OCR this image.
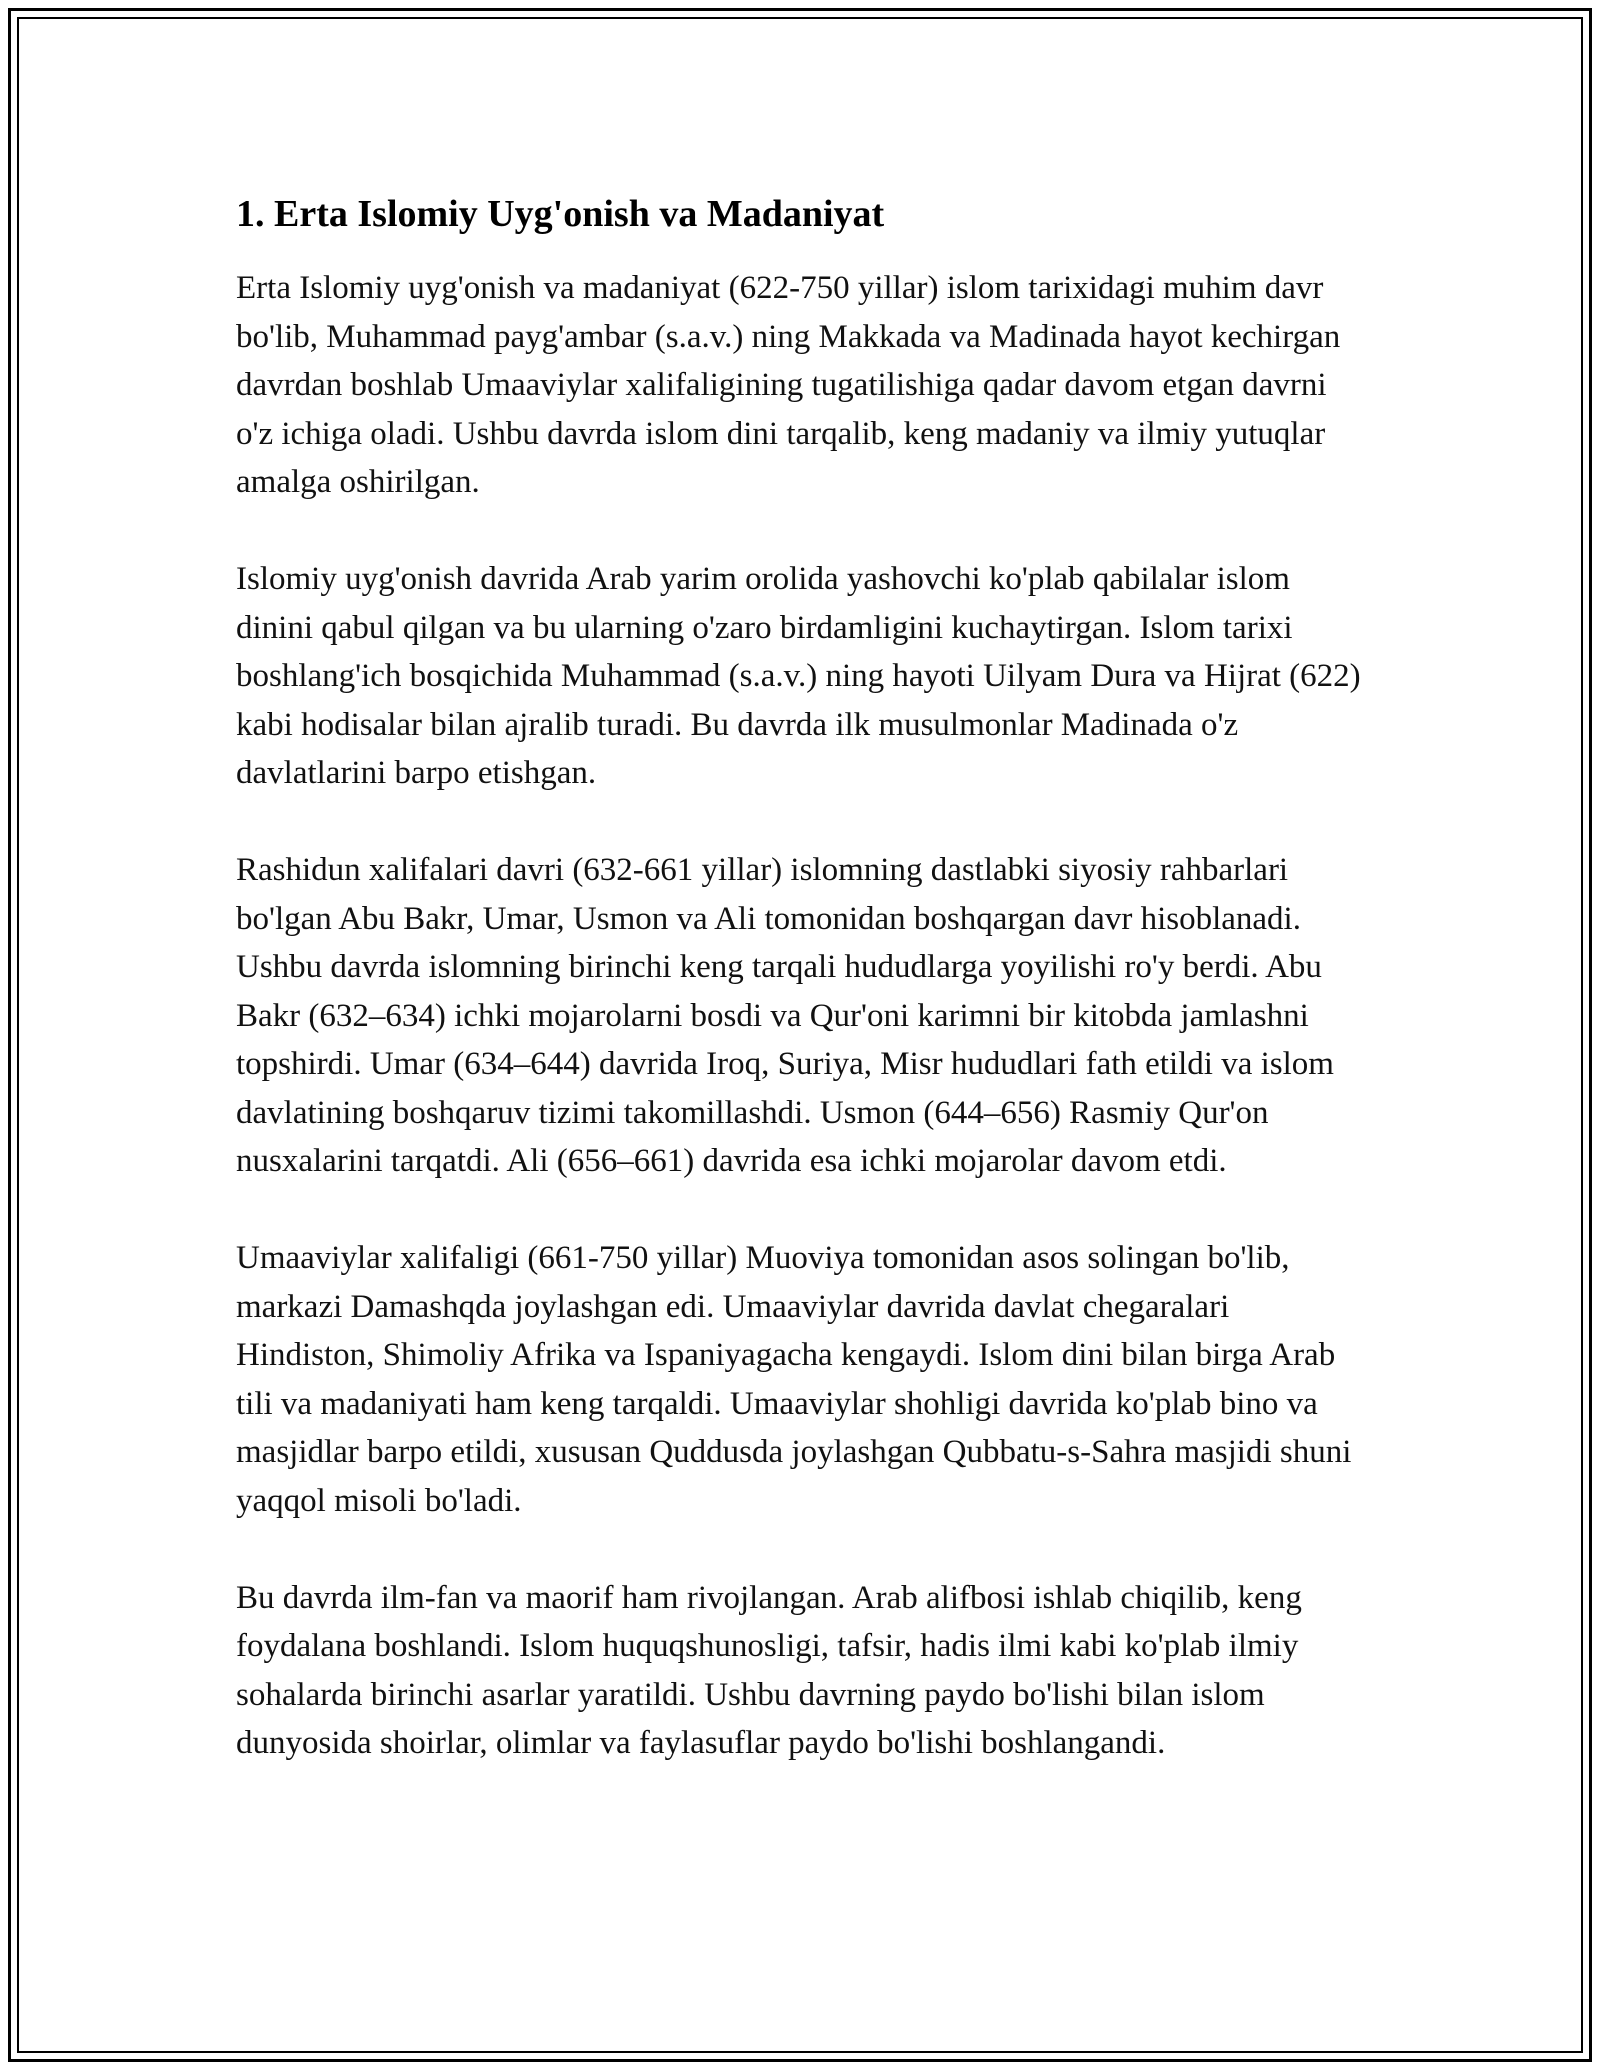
1. Erta Islomiy Uyg'onish va Madaniyat

Erta Islomiy uyg'onish va madaniyat (622-750 yillar) islom tarixidagi muhim davr bo'lib, Muhammad payg'ambar (s.a.v.) ning Makkada va Madinada hayot kechirgan davrdan boshlab Umaaviylar xalifaligining tugatilishiga qadar davom etgan davrni o'z ichiga oladi. Ushbu davrda islom dini tarqalib, keng madaniy va ilmiy yutuqlar amalga oshirilgan.

Islomiy uyg'onish davrida Arab yarim orolida yashovchi ko'plab qabilalar islom dinini qabul qilgan va bu ularning o'zaro birdamligini kuchaytirgan. Islom tarixi boshlang'ich bosqichida Muhammad (s.a.v.) ning hayoti Uilyam Dura va Hijrat (622) kabi hodisalar bilan ajralib turadi. Bu davrda ilk musulmonlar Madinada o'z davlatlarini barpo etishgan.

Rashidun xalifalari davri (632-661 yillar) islomning dastlabki siyosiy rahbarlari bo'lgan Abu Bakr, Umar, Usmon va Ali tomonidan boshqargan davr hisoblanadi. Ushbu davrda islomning birinchi keng tarqali hududlarga yoyilishi ro'y berdi. Abu Bakr (632–634) ichki mojarolarni bosdi va Qur'oni karimni bir kitobda jamlashni topshirdi. Umar (634–644) davrida Iroq, Suriya, Misr hududlari fath etildi va islom davlatining boshqaruv tizimi takomillashdi. Usmon (644–656) Rasmiy Qur'on nusxalarini tarqatdi. Ali (656–661) davrida esa ichki mojarolar davom etdi.

Umaaviylar xalifaligi (661-750 yillar) Muoviya tomonidan asos solingan bo'lib, markazi Damashqda joylashgan edi. Umaaviylar davrida davlat chegaralari Hindiston, Shimoliy Afrika va Ispaniyagacha kengaydi. Islom dini bilan birga Arab tili va madaniyati ham keng tarqaldi. Umaaviylar shohligi davrida ko'plab bino va masjidlar barpo etildi, xususan Quddusda joylashgan Qubbatu-s-Sahra masjidi shuni yaqqol misoli bo'ladi.

Bu davrda ilm-fan va maorif ham rivojlangan. Arab alifbosi ishlab chiqilib, keng foydalana boshlandi. Islom huquqshunosligi, tafsir, hadis ilmi kabi ko'plab ilmiy sohalarda birinchi asarlar yaratildi. Ushbu davrning paydo bo'lishi bilan islom dunyosida shoirlar, olimlar va faylasuflar paydo bo'lishi boshlangandi.
